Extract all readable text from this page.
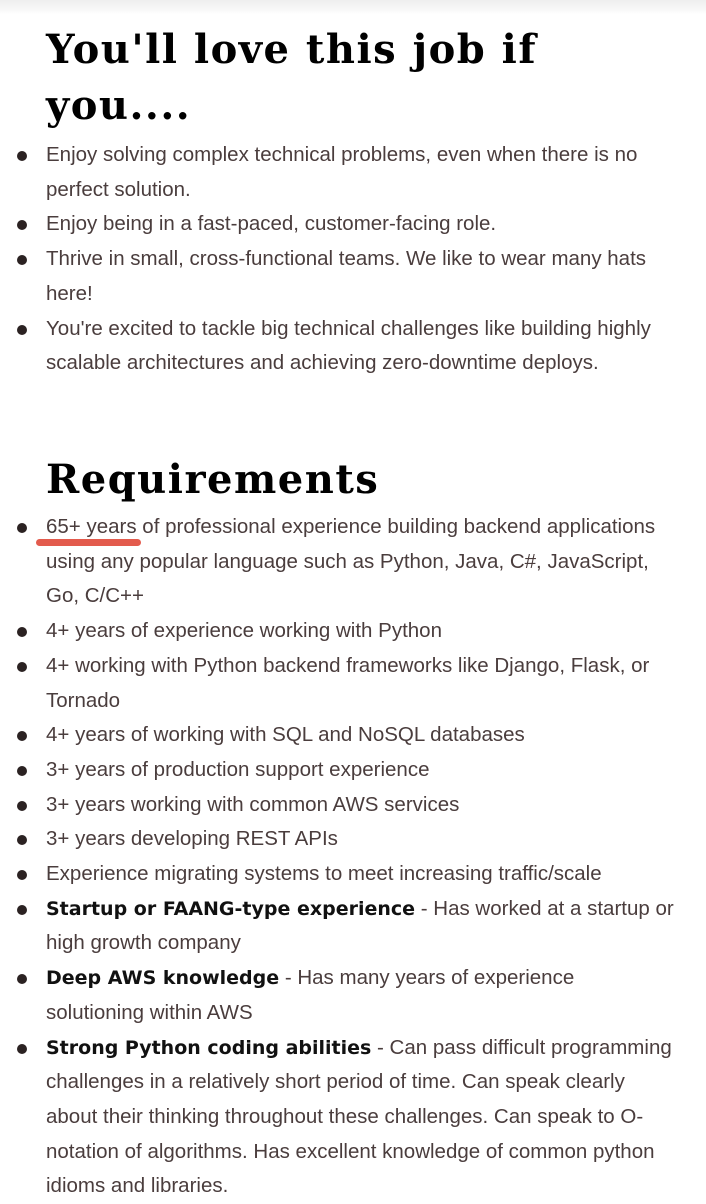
You'll love this job if you....
Enjoy solving complex technical problems, even when there is no perfect solution.
Enjoy being in a fast-paced, customer-facing role.
Thrive in small, cross-functional teams. We like to wear many hats here!
You're excited to tackle big technical challenges like building highly scalable architectures and achieving zero-downtime deploys.
Requirements
65+ years
of professional experience building backend applications using any popular language such as Python, Java, C#, JavaScript, Go, C/C++
4+ years of experience working with Python
4+ working with Python backend frameworks like Django, Flask, or Tornado
4+ years of working with SQL and NoSQL databases
3+ years of production support experience
3+ years working with common AWS services
3+ years developing REST APIs
Experience migrating systems to meet increasing traffic/scale
Startup or FAANG-type experience - Has worked at a startup or high growth company
Deep AWS knowledge - Has many years of experience solutioning within AWS
Strong Python coding abilities - Can pass difficult programming challenges in a relatively short period of time. Can speak clearly about their thinking throughout these challenges. Can speak to O-notation of algorithms. Has excellent knowledge of common python idioms and libraries.
